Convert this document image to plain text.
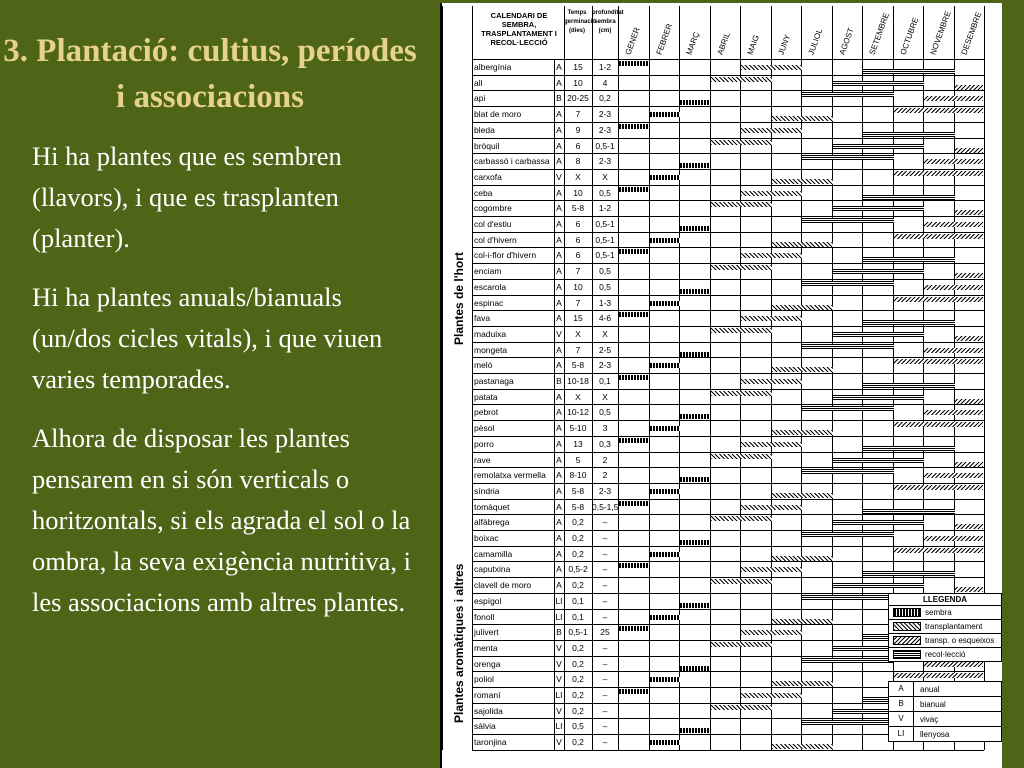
3. Plantació: cultius, períodes i associacions

Hi ha plantes que es sembren (llavors), i que es trasplanten (planter).

Hi ha plantes anuals/bianuals (un/dos cicles vitals), i que viuen varies temporades.

Alhora de disposar les plantes pensarem en si són verticals o horitzontals, si els agrada el sol o la ombra, la seva exigència nutritiva, i les associacions amb altres plantes.

CALENDARI DE SEMBRA, TRASPLANTAMENT I RECOL·LECCIÓ
Temps germinació (dies)
profunditat sembra (cm)	GENER FEBRER MARÇ ABRIL MAIG JUNY JULIOL AGOST SETEMBRE OCTUBRE NOVEMBRE DESEMBRE
Plantes de l'hort
Plantes aromàtiques i altres
albergínia	A	15	1-2
all	A	10	4
api	B 20-25	0,2
blat de moro	A	7	2-3
bleda	A	9	2-3
bròquil	A	6	0,5-1
carbassó i carbassa A	8	2-3
carxofa	V	X	X
ceba	A	10	0,5
cogombre	A	5-8	1-2
col d'estiu	A	6	0,5-1
col d'hivern	A	6	0,5-1
col-i-flor d'hivern	A	6	0,5-1
enciam	A	7	0,5
escarola	A	10	0,5
espinac	A	7	1-3
fava	A	15	4-6
maduixa	V	X	X
mongeta	A	7	2-5
meló	A	5-8	2-3
pastanaga	B 10-18	0,1
patata	A	X	X
pebrot	A 10-12	0,5
pèsol	A 5-10	3
porro	A	13	0,3
rave	A	5	2
remolatxa vermella	A 8-10	2
síndria	A	5-8	2-3
tomàquet	A	5-8 0,5-1,5
alfàbrega	A	0,2	–
boixac	A	0,2	–
camamilla	A	0,2	–
caputxina	A 0,5-2	–
clavell de moro	A	0,2	–
espígol	LI	0,1	–
fonoll	LI	0,1	–
julivert	B 0,5-1	25
menta	V	0,2	–
orenga	V	0,2	–
poliol	V	0,2	–
romaní	LI	0,2	–
sajolida	V	0,2	–
sàlvia	LI	0,5	–
taronjina	V	0,2	–
LLEGENDA
sembra
transplantament
transp. o esqueixos
recol·lecció
A	anual
B	bianual
V	vivaç
LI	llenyosa
